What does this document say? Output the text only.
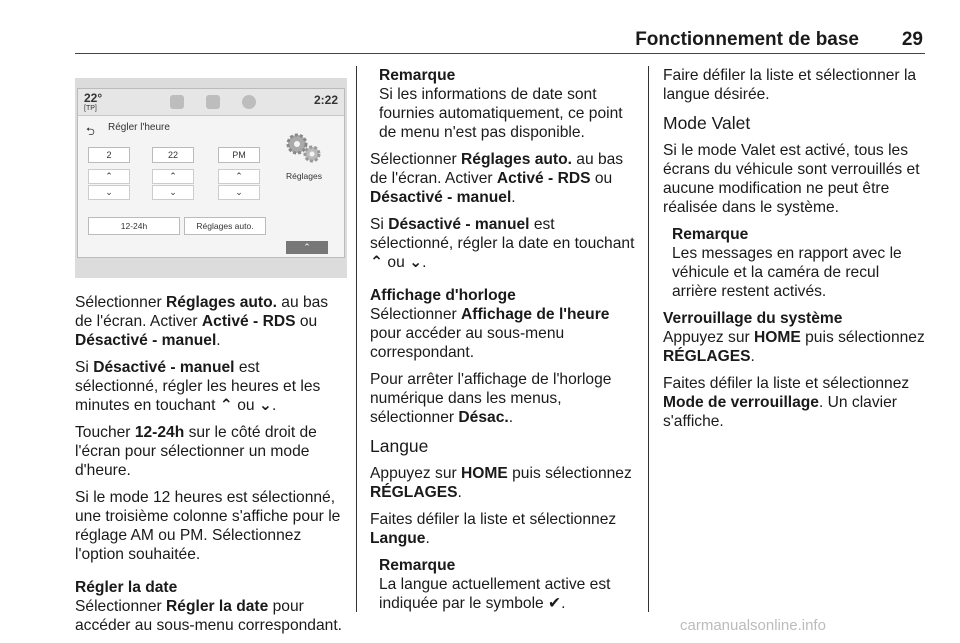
Fonctionnement de base 29
22°
[TP]
2:22
⮌ Régler l'heure
2	22	PM
⌃	⌃	⌃
⌄	⌄	⌄
12-24h	Réglages auto.
Réglages
⌃

Sélectionner Réglages auto. au bas de l'écran. Activer Activé - RDS ou Désactivé - manuel.

Si Désactivé - manuel est sélectionné, régler les heures et les minutes en touchant ⌃ ou ⌄.

Toucher 12-24h sur le côté droit de l'écran pour sélectionner un mode d'heure.

Si le mode 12 heures est sélectionné, une troisième colonne s'affiche pour le réglage AM ou PM. Sélectionnez l'option souhaitée.

Régler la date

Sélectionner Régler la date pour accéder au sous-menu correspondant.

Remarque
Si les informations de date sont fournies automatiquement, ce point de menu n'est pas disponible.

Sélectionner Réglages auto. au bas de l'écran. Activer Activé - RDS ou Désactivé - manuel.

Si Désactivé - manuel est sélectionné, régler la date en touchant ⌃ ou ⌄.

Affichage d'horloge

Sélectionner Affichage de l'heure pour accéder au sous-menu correspondant.

Pour arrêter l'affichage de l'horloge numérique dans les menus, sélectionner Désac..

Langue

Appuyez sur HOME puis sélectionnez RÉGLAGES.

Faites défiler la liste et sélectionnez Langue.

Remarque
La langue actuellement active est indiquée par le symbole ✔.

Faire défiler la liste et sélectionner la langue désirée.

Mode Valet

Si le mode Valet est activé, tous les écrans du véhicule sont verrouillés et aucune modification ne peut être réalisée dans le système.

Remarque
Les messages en rapport avec le véhicule et la caméra de recul arrière restent activés.

Verrouillage du système

Appuyez sur HOME puis sélectionnez RÉGLAGES.

Faites défiler la liste et sélectionnez Mode de verrouillage. Un clavier s'affiche.

carmanualsonline.info
